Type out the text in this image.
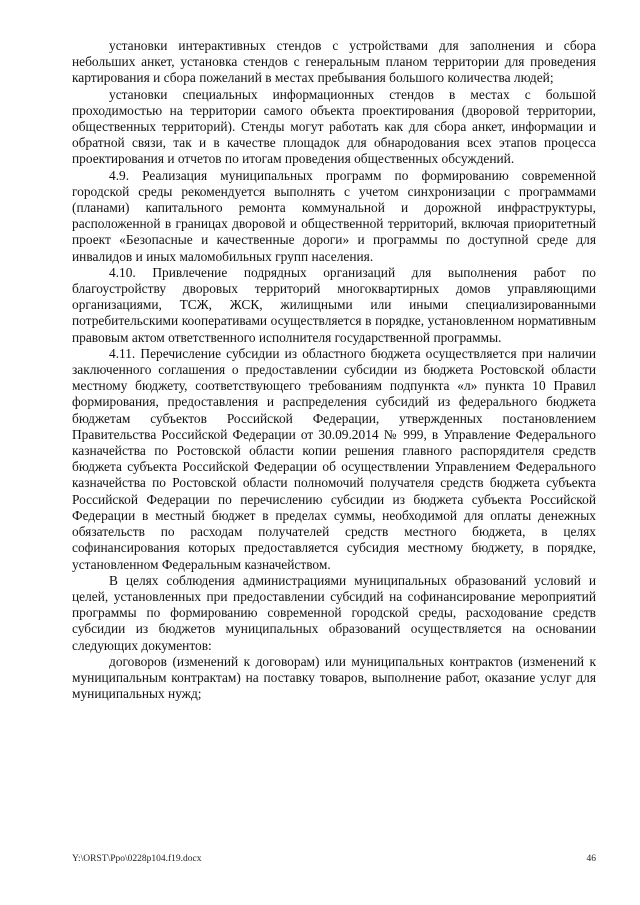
установки интерактивных стендов с устройствами для заполнения и сбора небольших анкет, установка стендов с генеральным планом территории для проведения картирования и сбора пожеланий в местах пребывания большого количества людей;

установки специальных информационных стендов в местах с большой проходимостью на территории самого объекта проектирования (дворовой территории, общественных территорий). Стенды могут работать как для сбора анкет, информации и обратной связи, так и в качестве площадок для обнародования всех этапов процесса проектирования и отчетов по итогам проведения общественных обсуждений.

4.9. Реализация муниципальных программ по формированию современной городской среды рекомендуется выполнять с учетом синхронизации с программами (планами) капитального ремонта коммунальной и дорожной инфраструктуры, расположенной в границах дворовой и общественной территорий, включая приоритетный проект «Безопасные и качественные дороги» и программы по доступной среде для инвалидов и иных маломобильных групп населения.

4.10. Привлечение подрядных организаций для выполнения работ по благоустройству дворовых территорий многоквартирных домов управляющими организациями, ТСЖ, ЖСК, жилищными или иными специализированными потребительскими кооперативами осуществляется в порядке, установленном нормативным правовым актом ответственного исполнителя государственной программы.

4.11. Перечисление субсидии из областного бюджета осуществляется при наличии заключенного соглашения о предоставлении субсидии из бюджета Ростовской области местному бюджету, соответствующего требованиям подпункта «л» пункта 10 Правил формирования, предоставления и распределения субсидий из федерального бюджета бюджетам субъектов Российской Федерации, утвержденных постановлением Правительства Российской Федерации от 30.09.2014 № 999, в Управление Федерального казначейства по Ростовской области копии решения главного распорядителя средств бюджета субъекта Российской Федерации об осуществлении Управлением Федерального казначейства по Ростовской области полномочий получателя средств бюджета субъекта Российской Федерации по перечислению субсидии из бюджета субъекта Российской Федерации в местный бюджет в пределах суммы, необходимой для оплаты денежных обязательств по расходам получателей средств местного бюджета, в целях софинансирования которых предоставляется субсидия местному бюджету, в порядке, установленном Федеральным казначейством.

В целях соблюдения администрациями муниципальных образований условий и целей, установленных при предоставлении субсидий на софинансирование мероприятий программы по формированию современной городской среды, расходование средств субсидии из бюджетов муниципальных образований осуществляется на основании следующих документов:

договоров (изменений к договорам) или муниципальных контрактов (изменений к муниципальным контрактам) на поставку товаров, выполнение работ, оказание услуг для муниципальных нужд;

Y:\ORST\Ppo\0228p104.f19.docx	46
